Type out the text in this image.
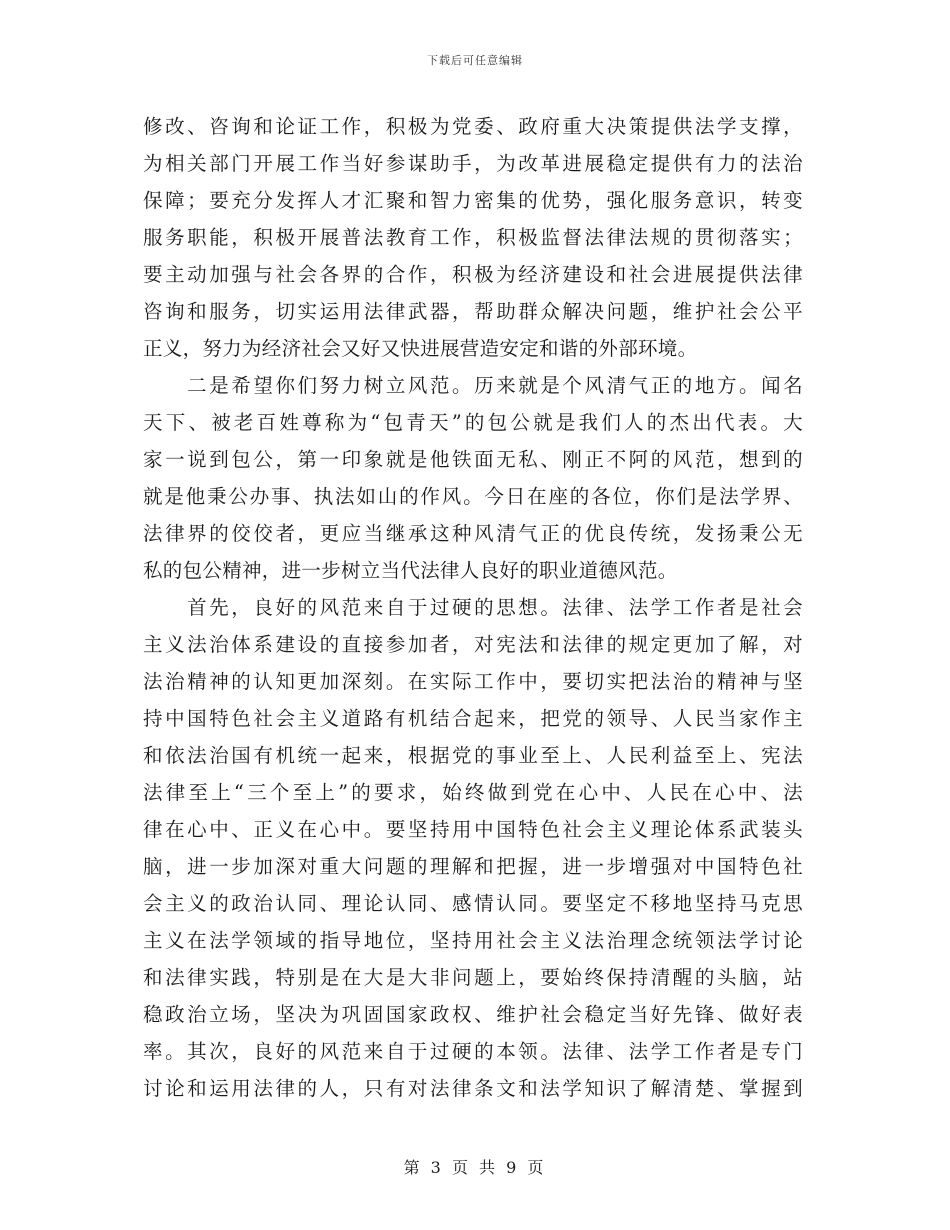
下载后可任意编辑
修改、咨询和论证工作，积极为党委、政府重大决策提供法学支撑，
为相关部门开展工作当好参谋助手，为改革进展稳定提供有力的法治
保障；要充分发挥人才汇聚和智力密集的优势，强化服务意识，转变
服务职能，积极开展普法教育工作，积极监督法律法规的贯彻落实；
要主动加强与社会各界的合作，积极为经济建设和社会进展提供法律
咨询和服务，切实运用法律武器，帮助群众解决问题，维护社会公平
正义，努力为经济社会又好又快进展营造安定和谐的外部环境。
　　二是希望你们努力树立风范。历来就是个风清气正的地方。闻名
天下、被老百姓尊称为“包青天”的包公就是我们人的杰出代表。大
家一说到包公，第一印象就是他铁面无私、刚正不阿的风范，想到的
就是他秉公办事、执法如山的作风。今日在座的各位，你们是法学界、
法律界的佼佼者，更应当继承这种风清气正的优良传统，发扬秉公无
私的包公精神，进一步树立当代法律人良好的职业道德风范。
　　首先，良好的风范来自于过硬的思想。法律、法学工作者是社会
主义法治体系建设的直接参加者，对宪法和法律的规定更加了解，对
法治精神的认知更加深刻。在实际工作中，要切实把法治的精神与坚
持中国特色社会主义道路有机结合起来，把党的领导、人民当家作主
和依法治国有机统一起来，根据党的事业至上、人民利益至上、宪法
法律至上“三个至上”的要求，始终做到党在心中、人民在心中、法
律在心中、正义在心中。要坚持用中国特色社会主义理论体系武装头
脑，进一步加深对重大问题的理解和把握，进一步增强对中国特色社
会主义的政治认同、理论认同、感情认同。要坚定不移地坚持马克思
主义在法学领域的指导地位，坚持用社会主义法治理念统领法学讨论
和法律实践，特别是在大是大非问题上，要始终保持清醒的头脑，站
稳政治立场，坚决为巩固国家政权、维护社会稳定当好先锋、做好表
率。其次，良好的风范来自于过硬的本领。法律、法学工作者是专门
讨论和运用法律的人，只有对法律条文和法学知识了解清楚、掌握到
第 3 页 共 9 页
